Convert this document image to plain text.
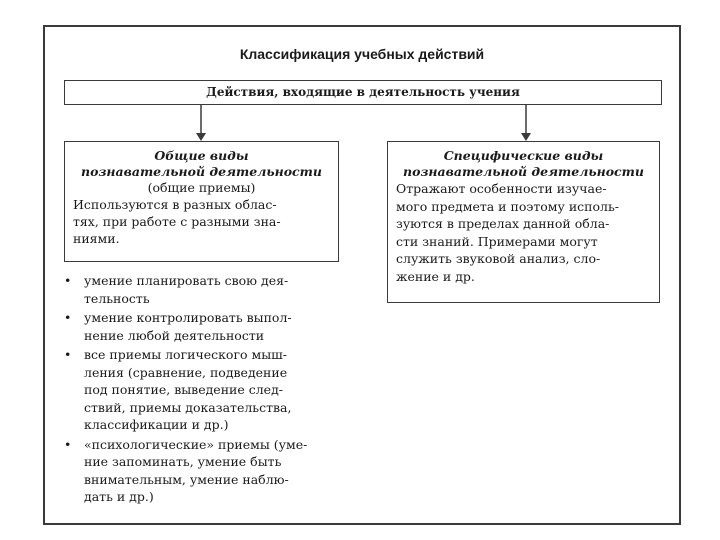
Классификация учебных действий
Действия, входящие в деятельность учения
Общие виды
познавательной деятельности
(общие приемы)
Используются в разных облас-
тях, при работе с разными зна-
ниями.
Специфические виды
познавательной деятельности
Отражают особенности изучае-
мого предмета и поэтому исполь-
зуются в пределах данной обла-
сти знаний. Примерами могут
служить звуковой анализ, сло-
жение и др.
• умение планировать свою дея-
тельность
• умение контролировать выпол-
нение любой деятельности
• все приемы логического мыш-
ления (сравнение, подведение
под понятие, выведение след-
ствий, приемы доказательства,
классификации и др.)
• «психологические» приемы (уме-
ние запоминать, умение быть
внимательным, умение наблю-
дать и др.)
